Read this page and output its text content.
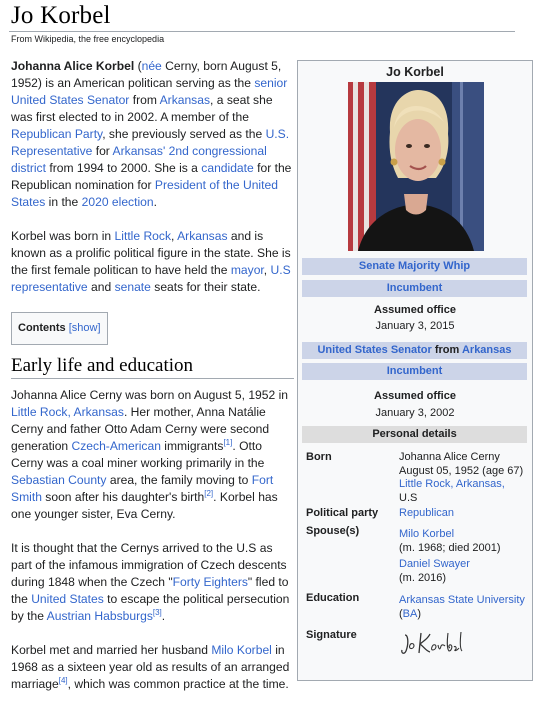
Jo Korbel
From Wikipedia, the free encyclopedia

Johanna Alice Korbel (née Cerny, born August 5, 1952) is an American politican serving as the senior United States Senator from Arkansas, a seat she was first elected to in 2002. A member of the Republican Party, she previously served as the U.S. Representative for Arkansas' 2nd congressional district from 1994 to 2000. She is a candidate for the Republican nomination for President of the United States in the 2020 election.

Korbel was born in Little Rock, Arkansas and is known as a prolific political figure in the state. She is the first female politican to have held the mayor, U.S representative and senate seats for their state.

Contents [show]
Early life and education

Johanna Alice Cerny was born on August 5, 1952 in Little Rock, Arkansas. Her mother, Anna Natálie Cerny and father Otto Adam Cerny were second generation Czech-American immigrants[1]. Otto Cerny was a coal miner working primarily in the Sebastian County area, the family moving to Fort Smith soon after his daughter's birth[2]. Korbel has one younger sister, Eva Cerny.

It is thought that the Cernys arrived to the U.S as part of the infamous immigration of Czech descents during 1848 when the Czech "Forty Eighters" fled to the United States to escape the political persecution by the Austrian Habsburgs[3].

Korbel met and married her husband Milo Korbel in 1968 as a sixteen year old as results of an arranged marriage[4], which was common practice at the time.

Jo Korbel
Senate Majority Whip
Incumbent
Assumed office
January 3, 2015
United States Senator from Arkansas
Incumbent
Assumed office
January 3, 2002
Personal details
Born	Johanna Alice Cerny
August 05, 1952 (age 67)
Little Rock, Arkansas,
U.S
Political party	Republican
Spouse(s)	Milo Korbel
(m. 1968; died 2001)
Daniel Swayer
(m. 2016)
Education	Arkansas State University
(BA)
Signature
